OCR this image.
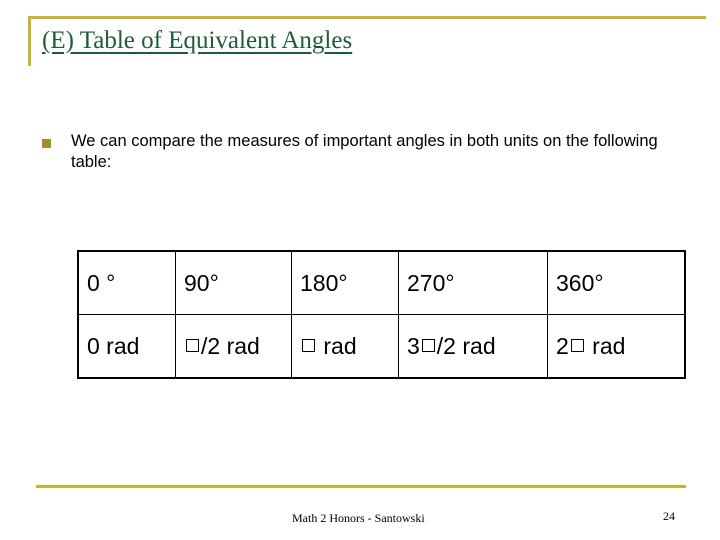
(E) Table of Equivalent Angles
We can compare the measures of important angles in both units on the following table:
0 °	90°	180°	270°	360°
0 rad	/2 rad	rad	3 /2 rad	2 rad
Math 2 Honors - Santowski	24
